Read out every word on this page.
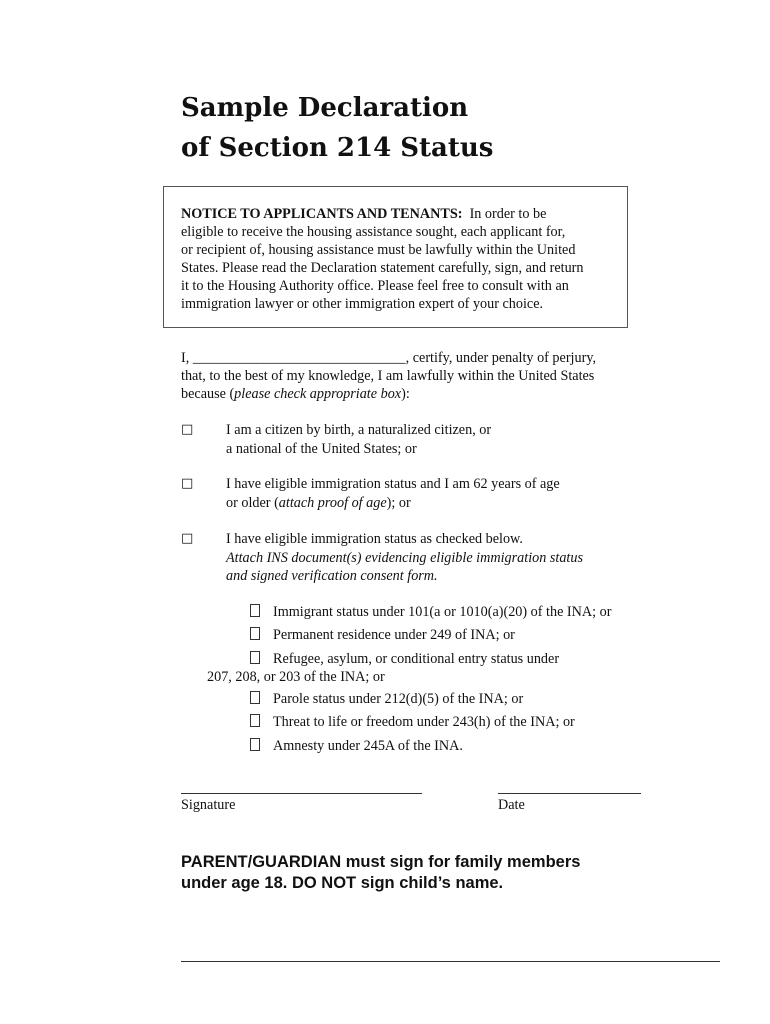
Sample Declaration
of Section 214 Status
NOTICE TO APPLICANTS AND TENANTS: In order to be
eligible to receive the housing assistance sought, each applicant for,
or recipient of, housing assistance must be lawfully within the United
States. Please read the Declaration statement carefully, sign, and return
it to the Housing Authority office. Please feel free to consult with an
immigration lawyer or other immigration expert of your choice.
I, ______________________________, certify, under penalty of perjury,
that, to the best of my knowledge, I am lawfully within the United States
because (please check appropriate box):
□ I am a citizen by birth, a naturalized citizen, or
a national of the United States; or
□ I have eligible immigration status and I am 62 years of age
or older (attach proof of age); or
□ I have eligible immigration status as checked below.
Attach INS document(s) evidencing eligible immigration status
and signed verification consent form.
Immigrant status under 101(a or 1010(a)(20) of the INA; or
Permanent residence under 249 of INA; or
Refugee, asylum, or conditional entry status under
207, 208, or 203 of the INA; or
Parole status under 212(d)(5) of the INA; or
Threat to life or freedom under 243(h) of the INA; or
Amnesty under 245A of the INA.
Signature	Date
PARENT/GUARDIAN must sign for family members
under age 18. DO NOT sign child’s name.
